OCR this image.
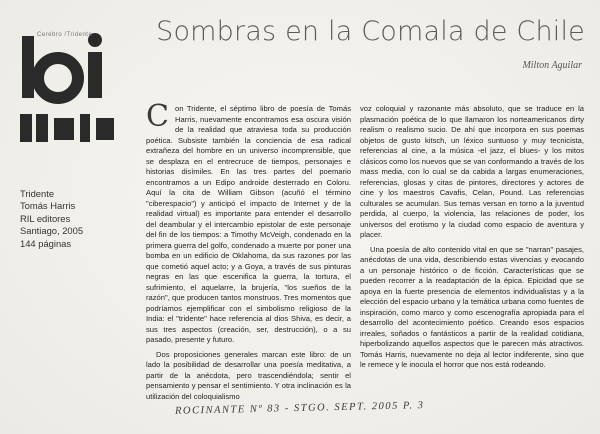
Cerebro /Tridente Sombras en la Comala de Chile
Milton Aguilar
Tridente
Tomás Harris
RIL editores
Santiago, 2005
144 páginas

Con Tridente, el séptimo libro de poesía de Tomás Harris, nuevamente encontramos esa oscura visión de la realidad que atraviesa toda su producción poética. Subsiste también la conciencia de esa radical extrañeza del hombre en un universo incomprensible, que se desplaza en el entrecruce de tiempos, personajes e historias disímiles. En las tres partes del poemario encontramos a un Edipo androide desterrado en Coloru. Aquí la cita de William Gibson (acuñó el término "ciberespacio") y anticipó el impacto de Internet y de la realidad virtual) es importante para entender el desarrollo del deambular y el intercambio epistolar de este personaje del fin de los tiempos: a Timothy McVeigh, condenado en la primera guerra del golfo, condenado a muerte por poner una bomba en un edificio de Oklahoma, da sus razones por las que cometió aquel acto; y a Goya, a través de sus pinturas negras en las que escenifica la guerra, la tortura, el sufrimiento, el aquelarre, la brujería, "los sueños de la razón", que producen tantos monstruos. Tres momentos que podríamos ejemplificar con el simbolismo religioso de la India: el "tridente" hace referencia al dios Shiva, es decir, a sus tres aspectos (creación, ser, destrucción), o a su pasado, presente y futuro.

Dos proposiciones generales marcan este libro: de un lado la posibilidad de desarrollar una poesía meditativa, a partir de la anécdota, pero trascendiéndola; sentir el pensamiento y pensar el sentimiento. Y otra inclinación es la utilización del coloquialismo

voz coloquial y razonante más absoluto, que se traduce en la plasmación poética de lo que llamaron los norteamericanos dirty realism o realismo sucio. De ahí que incorpora en sus poemas objetos de gusto kitsch, un léxico suntuoso y muy tecnicista, referencias al cine, a la música -el jazz, el blues- y los mitos clásicos como los nuevos que se van conformando a través de los mass media, con lo cual se da cabida a largas enumeraciones, referencias, glosas y citas de pintores, directores y actores de cine y los maestros Cavafis, Celan, Pound. Las referencias culturales se acumulan. Sus temas versan en torno a la juventud perdida, al cuerpo, la violencia, las relaciones de poder, los universos del erotismo y la ciudad como espacio de aventura y placer.

Una poesía de alto contenido vital en que se "narran" pasajes, anécdotas de una vida, describiendo estas vivencias y evocando a un personaje histórico o de ficción. Características que se pueden recorrer a la readaptación de la épica. Epicidad que se apoya en la fuerte presencia de elementos individualistas y a la elección del espacio urbano y la temática urbana como fuentes de inspiración, como marco y como escenografía apropiada para el desarrollo del acontecimiento poético. Creando esos espacios irreales, soñados o fantásticos a partir de la realidad cotidiana, hiperbolizando aquellos aspectos que le parecen más atractivos. Tomás Harris, nuevamente no deja al lector indiferente, sino que le remece y le inocula el horror que nos está rodeando.

ROCINANTE Nº 83 - STGO. SEPT. 2005 P. 3
